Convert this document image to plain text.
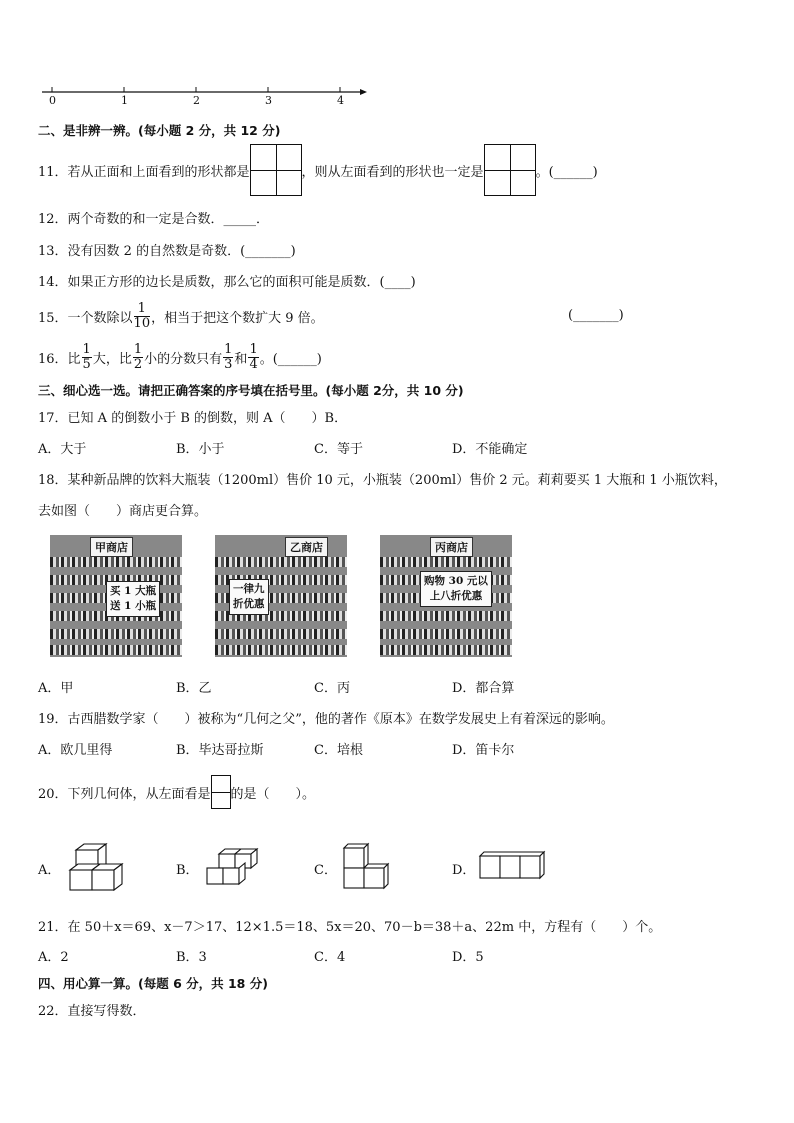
0	1	2	3	4
二、是非辨一辨。(每小题 2 分，共 12 分)
11．若从正面和上面看到的形状都是	，则从左面看到的形状也一定是	。(______)
12．两个奇数的和一定是合数．_____．
13．没有因数 2 的自然数是奇数．(_______)
14．如果正方形的边长是质数，那么它的面积可能是质数．(____)
15．一个数除以 $\frac{1}{10}$ ，相当于把这个数扩大 9 倍。	(_______)
16．比 $\frac{1}{5}$ 大，比 $\frac{1}{2}$ 小的分数只有 $\frac{1}{3}$ 和 $\frac{1}{4}$ 。(______)
三、细心选一选。请把正确答案的序号填在括号里。(每小题 2分，共 10 分)
17．已知 A 的倒数小于 B 的倒数，则 A（　　）B．
A．大于	B．小于	C．等于	D．不能确定
18．某种新品牌的饮料大瓶装（1200ml）售价 10 元，小瓶装（200ml）售价 2 元。莉莉要买 1 大瓶和 1 小瓶饮料，
去如图（　　）商店更合算。
甲商店
买 1 大瓶
送 1 小瓶
乙商店
一律九
折优惠
丙商店
购物 30 元以
上八折优惠
A．甲	B．乙	C．丙	D．都合算
19．古西腊数学家（　　）被称为“几何之父”，他的著作《原本》在数学发展史上有着深远的影响。
A．欧几里得	B．毕达哥拉斯	C．培根	D．笛卡尔
20．下列几何体，从左面看是 的是（　　）。
A．	B．	C．	D．
21．在 50＋x＝69、x－7＞17、12×1.5＝18、5x＝20、70－b＝38＋a、22m 中，方程有（　　）个。
A．2	B．3	C．4	D．5
四、用心算一算。(每题 6 分，共 18 分)
22．直接写得数．
